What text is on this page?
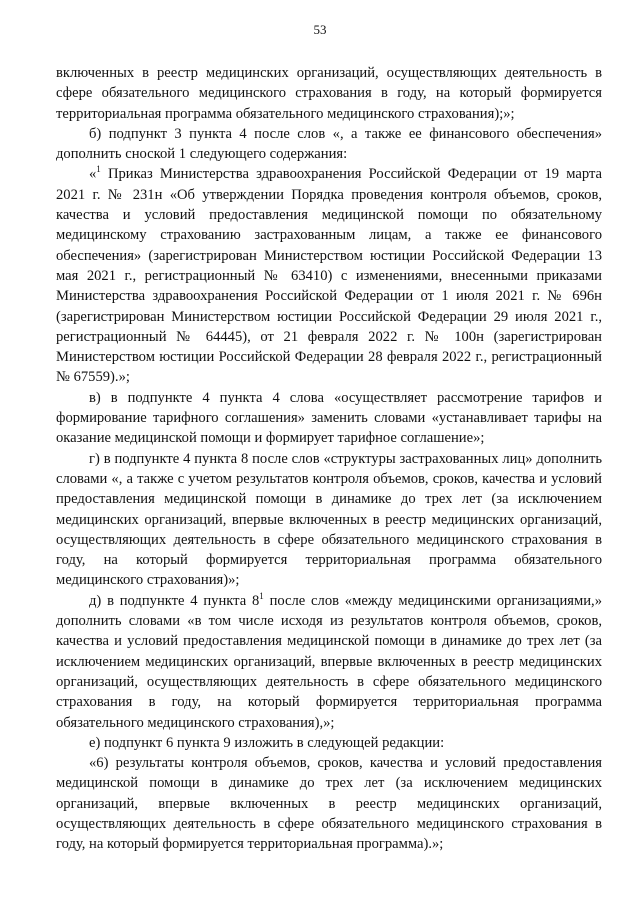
53

включенных в реестр медицинских организаций, осуществляющих деятельность в сфере обязательного медицинского страхования в году, на который формируется территориальная программа обязательного медицинского страхования);»;

б) подпункт 3 пункта 4 после слов «, а также ее финансового обеспечения» дополнить сноской 1 следующего содержания:

«$^1$ Приказ Министерства здравоохранения Российской Федерации от 19 марта 2021 г. № 231н «Об утверждении Порядка проведения контроля объемов, сроков, качества и условий предоставления медицинской помощи по обязательному медицинскому страхованию застрахованным лицам, а также ее финансового обеспечения» (зарегистрирован Министерством юстиции Российской Федерации 13 мая 2021 г., регистрационный № 63410) с изменениями, внесенными приказами Министерства здравоохранения Российской Федерации от 1 июля 2021 г. № 696н (зарегистрирован Министерством юстиции Российской Федерации 29 июля 2021 г., регистрационный № 64445), от 21 февраля 2022 г. № 100н (зарегистрирован Министерством юстиции Российской Федерации 28 февраля 2022 г., регистрационный № 67559).»;

в) в подпункте 4 пункта 4 слова «осуществляет рассмотрение тарифов и формирование тарифного соглашения» заменить словами «устанавливает тарифы на оказание медицинской помощи и формирует тарифное соглашение»;

г) в подпункте 4 пункта 8 после слов «структуры застрахованных лиц» дополнить словами «, а также с учетом результатов контроля объемов, сроков, качества и условий предоставления медицинской помощи в динамике до трех лет (за исключением медицинских организаций, впервые включенных в реестр медицинских организаций, осуществляющих деятельность в сфере обязательного медицинского страхования в году, на который формируется территориальная программа обязательного медицинского страхования)»;

д) в подпункте 4 пункта $8^1$ после слов «между медицинскими организациями,» дополнить словами «в том числе исходя из результатов контроля объемов, сроков, качества и условий предоставления медицинской помощи в динамике до трех лет (за исключением медицинских организаций, впервые включенных в реестр медицинских организаций, осуществляющих деятельность в сфере обязательного медицинского страхования в году, на который формируется территориальная программа обязательного медицинского страхования),»;

е) подпункт 6 пункта 9 изложить в следующей редакции:

«6) результаты контроля объемов, сроков, качества и условий предоставления медицинской помощи в динамике до трех лет (за исключением медицинских организаций, впервые включенных в реестр медицинских организаций, осуществляющих деятельность в сфере обязательного медицинского страхования в году, на который формируется территориальная программа).»;
